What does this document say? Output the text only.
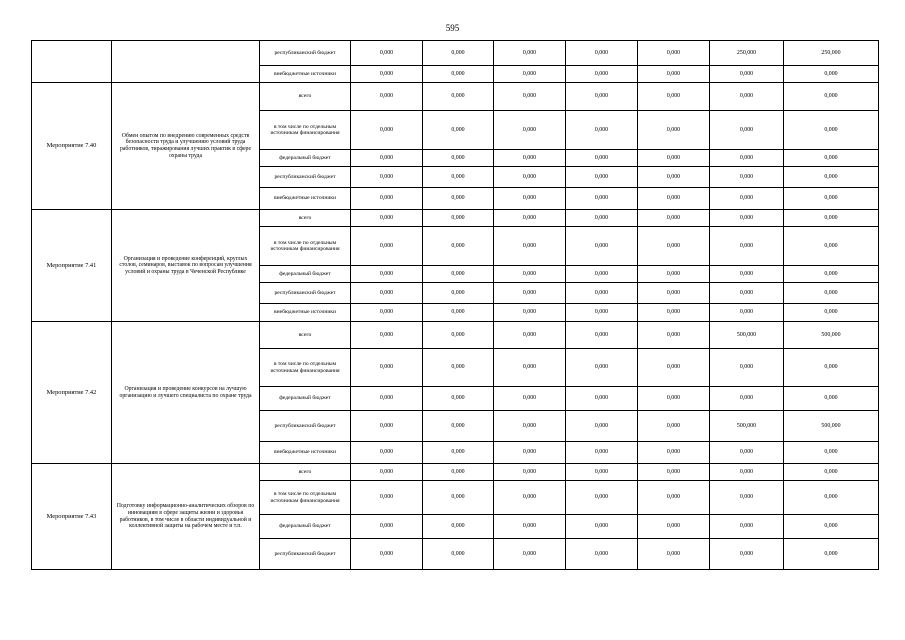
595
		республиканский бюджет	0,000	0,000	0,000	0,000	0,000	250,000	250,000
		внебюджетные источники	0,000	0,000	0,000	0,000	0,000	0,000	0,000
Мероприятие 7.40	Обмен опытом по внедрению современных средств безопасности труда и улучшению условий труда работников, тиражирования лучших практик в сфере охраны труда	всего	0,000	0,000	0,000	0,000	0,000	0,000	0,000
		в том числе по отдельным источникам финансирования	0,000	0,000	0,000	0,000	0,000	0,000	0,000
		федеральный бюджет	0,000	0,000	0,000	0,000	0,000	0,000	0,000
		республиканский бюджет	0,000	0,000	0,000	0,000	0,000	0,000	0,000
		внебюджетные источники	0,000	0,000	0,000	0,000	0,000	0,000	0,000
Мероприятие 7.41	Организация и проведение конференций, круглых столов, семинаров, выставок по вопросам улучшения условий и охраны труда в Чеченской Республике	всего	0,000	0,000	0,000	0,000	0,000	0,000	0,000
		в том числе по отдельным источникам финансирования	0,000	0,000	0,000	0,000	0,000	0,000	0,000
		федеральный бюджет	0,000	0,000	0,000	0,000	0,000	0,000	0,000
		республиканский бюджет	0,000	0,000	0,000	0,000	0,000	0,000	0,000
		внебюджетные источники	0,000	0,000	0,000	0,000	0,000	0,000	0,000
Мероприятие 7.42	Организация и проведение конкурсов на лучшую организацию и лучшего специалиста по охране труда	всего	0,000	0,000	0,000	0,000	0,000	500,000	500,000
		в том числе по отдельным источникам финансирования	0,000	0,000	0,000	0,000	0,000	0,000	0,000
		федеральный бюджет	0,000	0,000	0,000	0,000	0,000	0,000	0,000
		республиканский бюджет	0,000	0,000	0,000	0,000	0,000	500,000	500,000
		внебюджетные источники	0,000	0,000	0,000	0,000	0,000	0,000	0,000
Мероприятие 7.43	Подготовку информационно-аналитических обзоров по инновациям в сфере защиты жизни и здоровья работников, в том числе в области индивидуальной и коллективной защиты на рабочем месте и т.п.	всего	0,000	0,000	0,000	0,000	0,000	0,000	0,000
		в том числе по отдельным источникам финансирования	0,000	0,000	0,000	0,000	0,000	0,000	0,000
		федеральный бюджет	0,000	0,000	0,000	0,000	0,000	0,000	0,000
		республиканский бюджет	0,000	0,000	0,000	0,000	0,000	0,000	0,000
